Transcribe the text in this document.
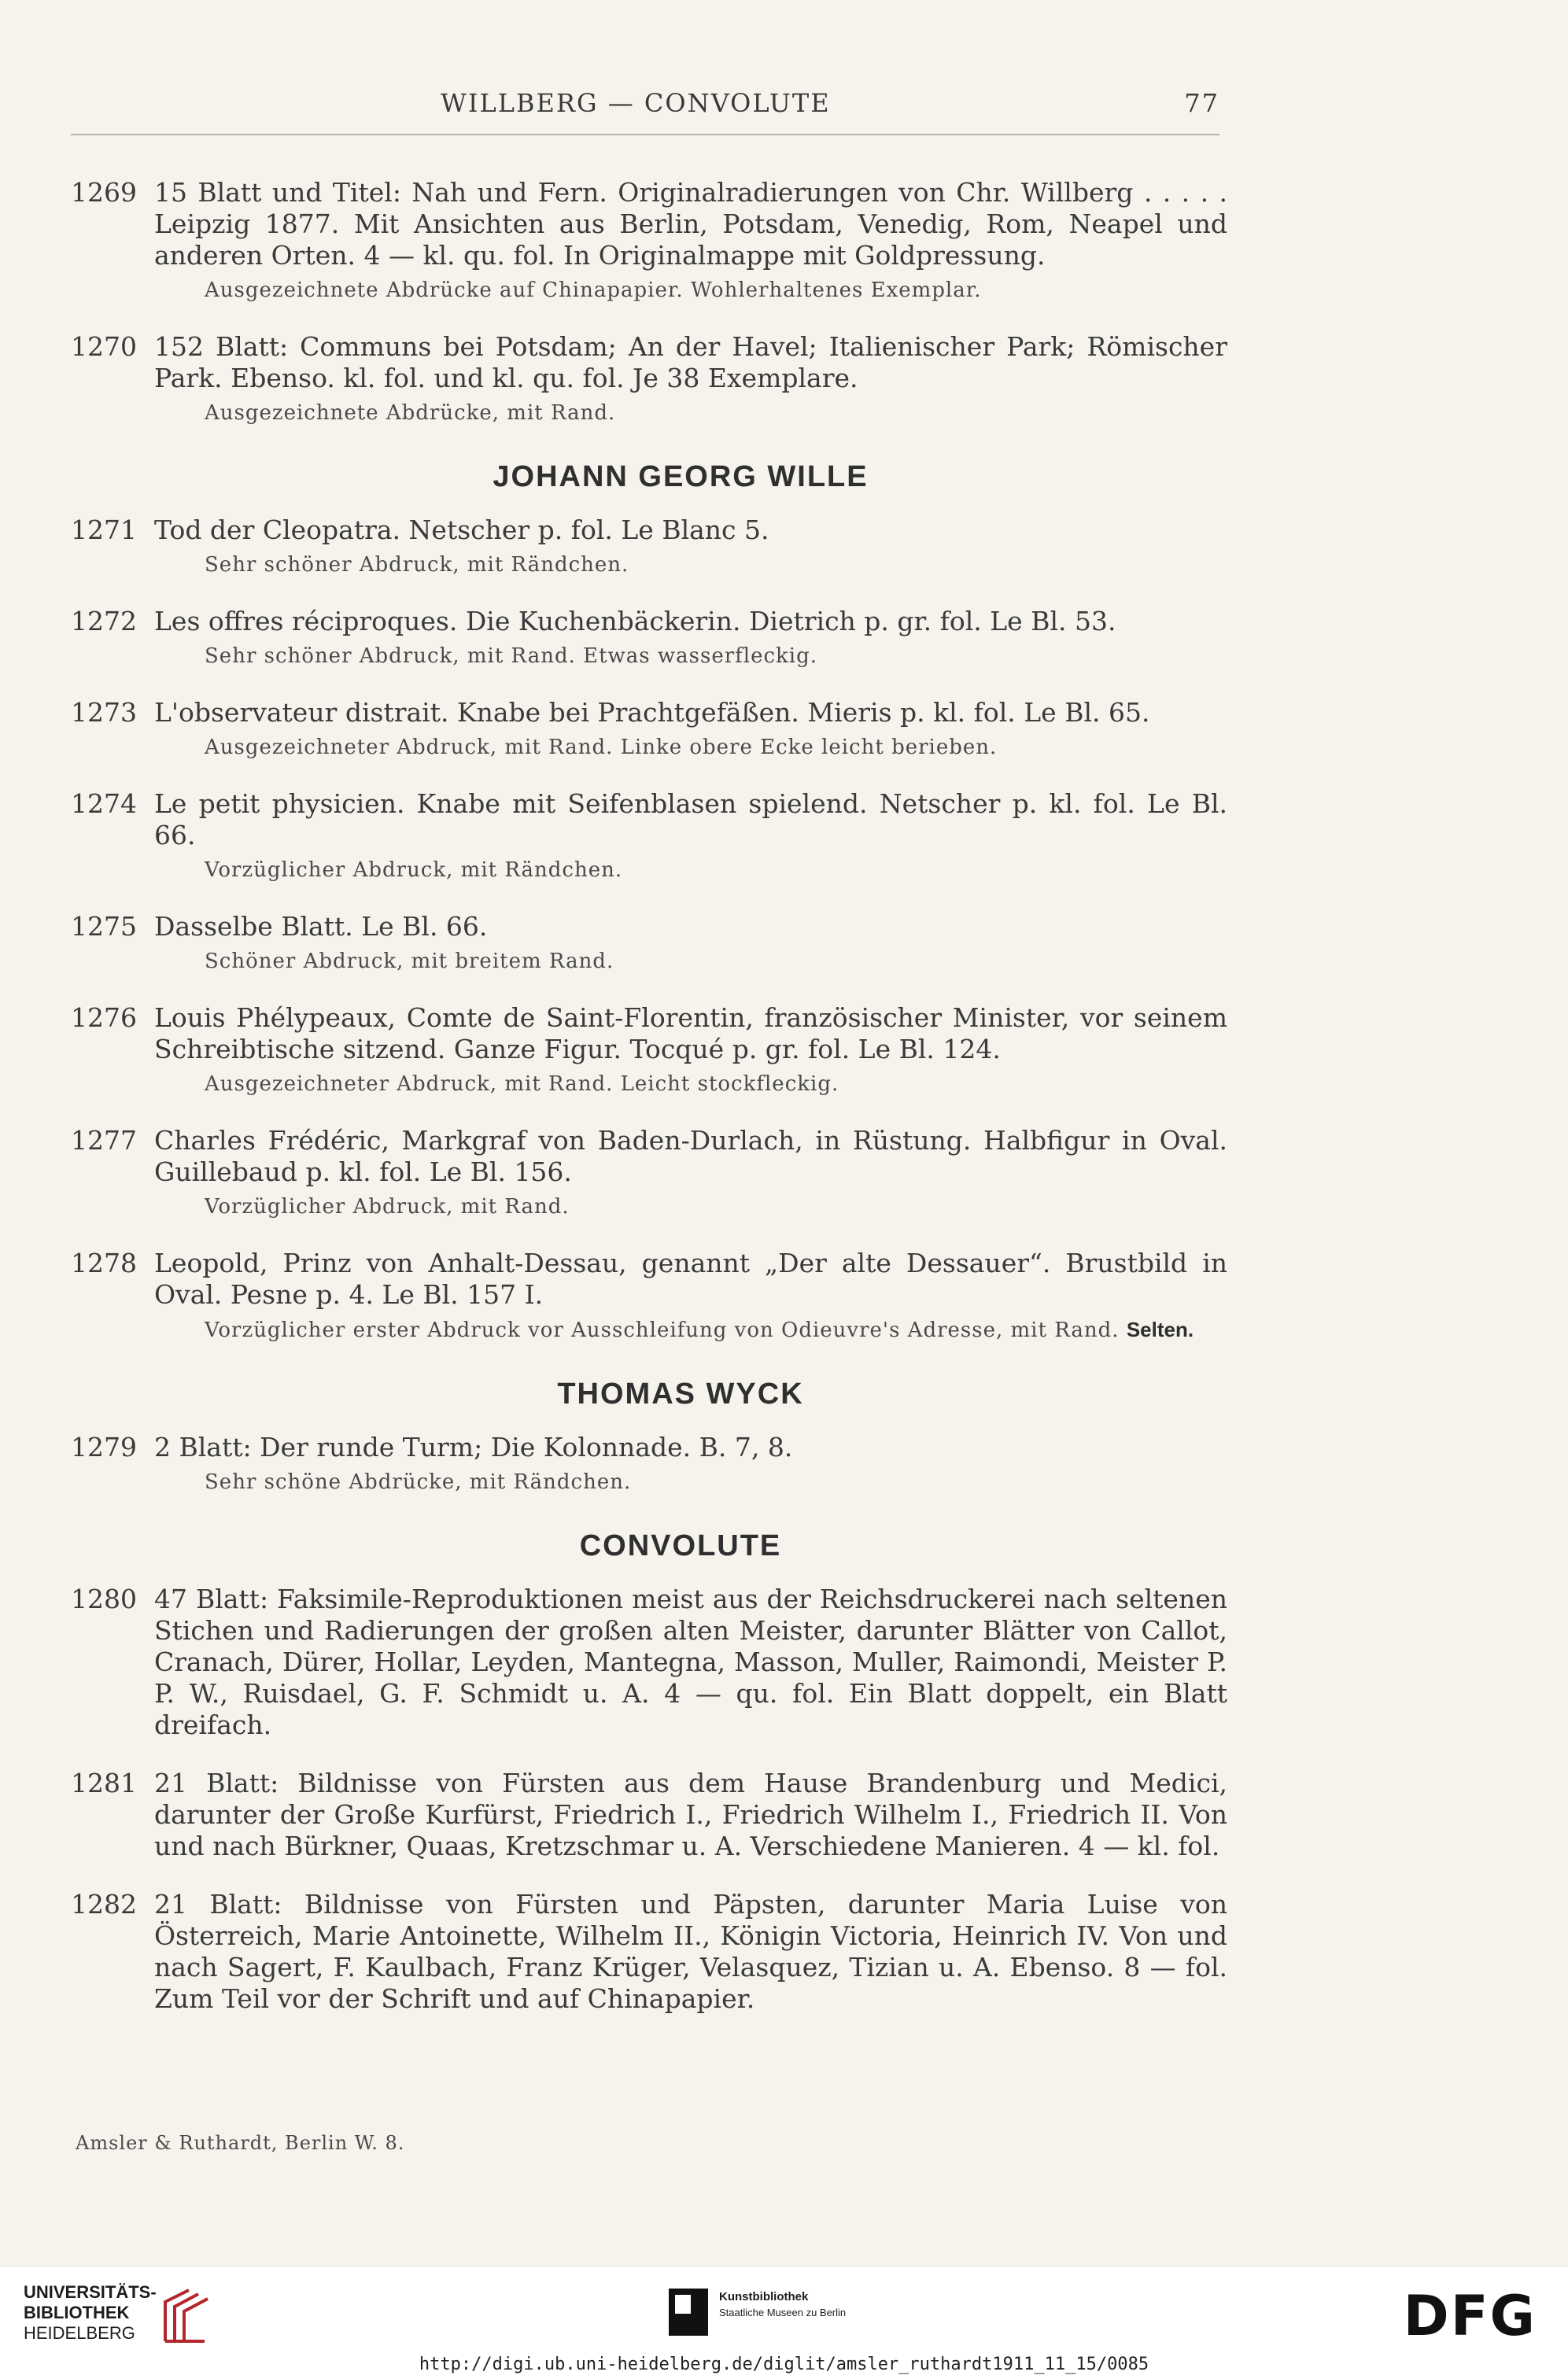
WILLBERG — CONVOLUTE	77
1269 15 Blatt und Titel: Nah und Fern. Originalradierungen von Chr. Willberg . . . . . Leipzig 1877. Mit Ansichten aus Berlin, Potsdam, Venedig, Rom, Neapel und anderen Orten. 4 — kl. qu. fol. In Originalmappe mit Goldpressung.
Ausgezeichnete Abdrücke auf Chinapapier. Wohlerhaltenes Exemplar.
1270 152 Blatt: Communs bei Potsdam; An der Havel; Italienischer Park; Römischer Park. Ebenso. kl. fol. und kl. qu. fol. Je 38 Exemplare.
Ausgezeichnete Abdrücke, mit Rand.
JOHANN GEORG WILLE
1271 Tod der Cleopatra. Netscher p. fol. Le Blanc 5.
Sehr schöner Abdruck, mit Rändchen.
1272 Les offres réciproques. Die Kuchenbäckerin. Dietrich p. gr. fol. Le Bl. 53.
Sehr schöner Abdruck, mit Rand. Etwas wasserfleckig.
1273 L'observateur distrait. Knabe bei Prachtgefäßen. Mieris p. kl. fol. Le Bl. 65.
Ausgezeichneter Abdruck, mit Rand. Linke obere Ecke leicht berieben.
1274 Le petit physicien. Knabe mit Seifenblasen spielend. Netscher p. kl. fol. Le Bl. 66.
Vorzüglicher Abdruck, mit Rändchen.
1275 Dasselbe Blatt. Le Bl. 66.
Schöner Abdruck, mit breitem Rand.
1276 Louis Phélypeaux, Comte de Saint-Florentin, französischer Minister, vor seinem Schreibtische sitzend. Ganze Figur. Tocqué p. gr. fol. Le Bl. 124.
Ausgezeichneter Abdruck, mit Rand. Leicht stockfleckig.
1277 Charles Frédéric, Markgraf von Baden-Durlach, in Rüstung. Halbfigur in Oval. Guillebaud p. kl. fol. Le Bl. 156.
Vorzüglicher Abdruck, mit Rand.
1278 Leopold, Prinz von Anhalt-Dessau, genannt „Der alte Dessauer“. Brustbild in Oval. Pesne p. 4. Le Bl. 157 I.
Vorzüglicher erster Abdruck vor Ausschleifung von Odieuvre's Adresse, mit Rand. Selten.
THOMAS WYCK
1279 2 Blatt: Der runde Turm; Die Kolonnade. B. 7, 8.
Sehr schöne Abdrücke, mit Rändchen.
CONVOLUTE
1280 47 Blatt: Faksimile-Reproduktionen meist aus der Reichsdruckerei nach seltenen Stichen und Radierungen der großen alten Meister, darunter Blätter von Callot, Cranach, Dürer, Hollar, Leyden, Mantegna, Masson, Muller, Raimondi, Meister P. P. W., Ruisdael, G. F. Schmidt u. A. 4 — qu. fol. Ein Blatt doppelt, ein Blatt dreifach.
1281 21 Blatt: Bildnisse von Fürsten aus dem Hause Brandenburg und Medici, darunter der Große Kurfürst, Friedrich I., Friedrich Wilhelm I., Friedrich II. Von und nach Bürkner, Quaas, Kretzschmar u. A. Verschiedene Manieren. 4 — kl. fol.
1282 21 Blatt: Bildnisse von Fürsten und Päpsten, darunter Maria Luise von Österreich, Marie Antoinette, Wilhelm II., Königin Victoria, Heinrich IV. Von und nach Sagert, F. Kaulbach, Franz Krüger, Velasquez, Tizian u. A. Ebenso. 8 — fol. Zum Teil vor der Schrift und auf Chinapapier.
Amsler & Ruthardt, Berlin W. 8.
UNIVERSITÄTS-
BIBLIOTHEK
HEIDELBERG
Kunstbibliothek
Staatliche Museen zu Berlin	DFG
http://digi.ub.uni-heidelberg.de/diglit/amsler_ruthardt1911_11_15/0085
